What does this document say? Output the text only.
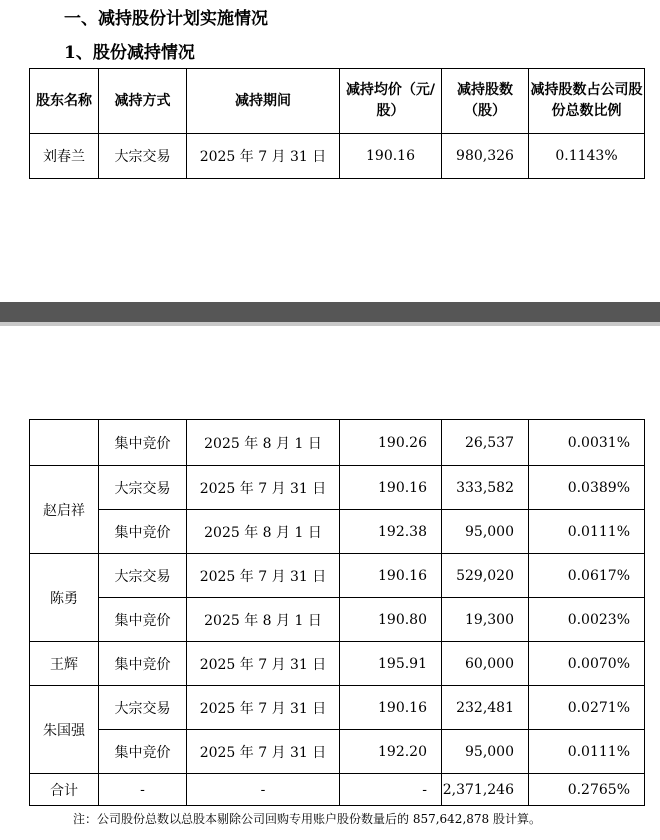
一、减持股份计划实施情况
1、股份减持情况
股东名称	减持方式	减持期间	减持均价（元/股）	减持股数（股）	减持股数占公司股份总数比例
刘春兰	大宗交易	2025 年 7 月 31 日	190.16	980,326	0.1143%
	集中竞价	2025 年 8 月 1 日	190.26	26,537	0.0031%
赵启祥	大宗交易	2025 年 7 月 31 日	190.16	333,582	0.0389%
	集中竞价	2025 年 8 月 1 日	192.38	95,000	0.0111%
陈勇	大宗交易	2025 年 7 月 31 日	190.16	529,020	0.0617%
	集中竞价	2025 年 8 月 1 日	190.80	19,300	0.0023%
王辉	集中竞价	2025 年 7 月 31 日	195.91	60,000	0.0070%
朱国强	大宗交易	2025 年 7 月 31 日	190.16	232,481	0.0271%
	集中竞价	2025 年 7 月 31 日	192.20	95,000	0.0111%
合计	-	-	-	2,371,246	0.2765%
注：公司股份总数以总股本剔除公司回购专用账户股份数量后的 857,642,878 股计算。
